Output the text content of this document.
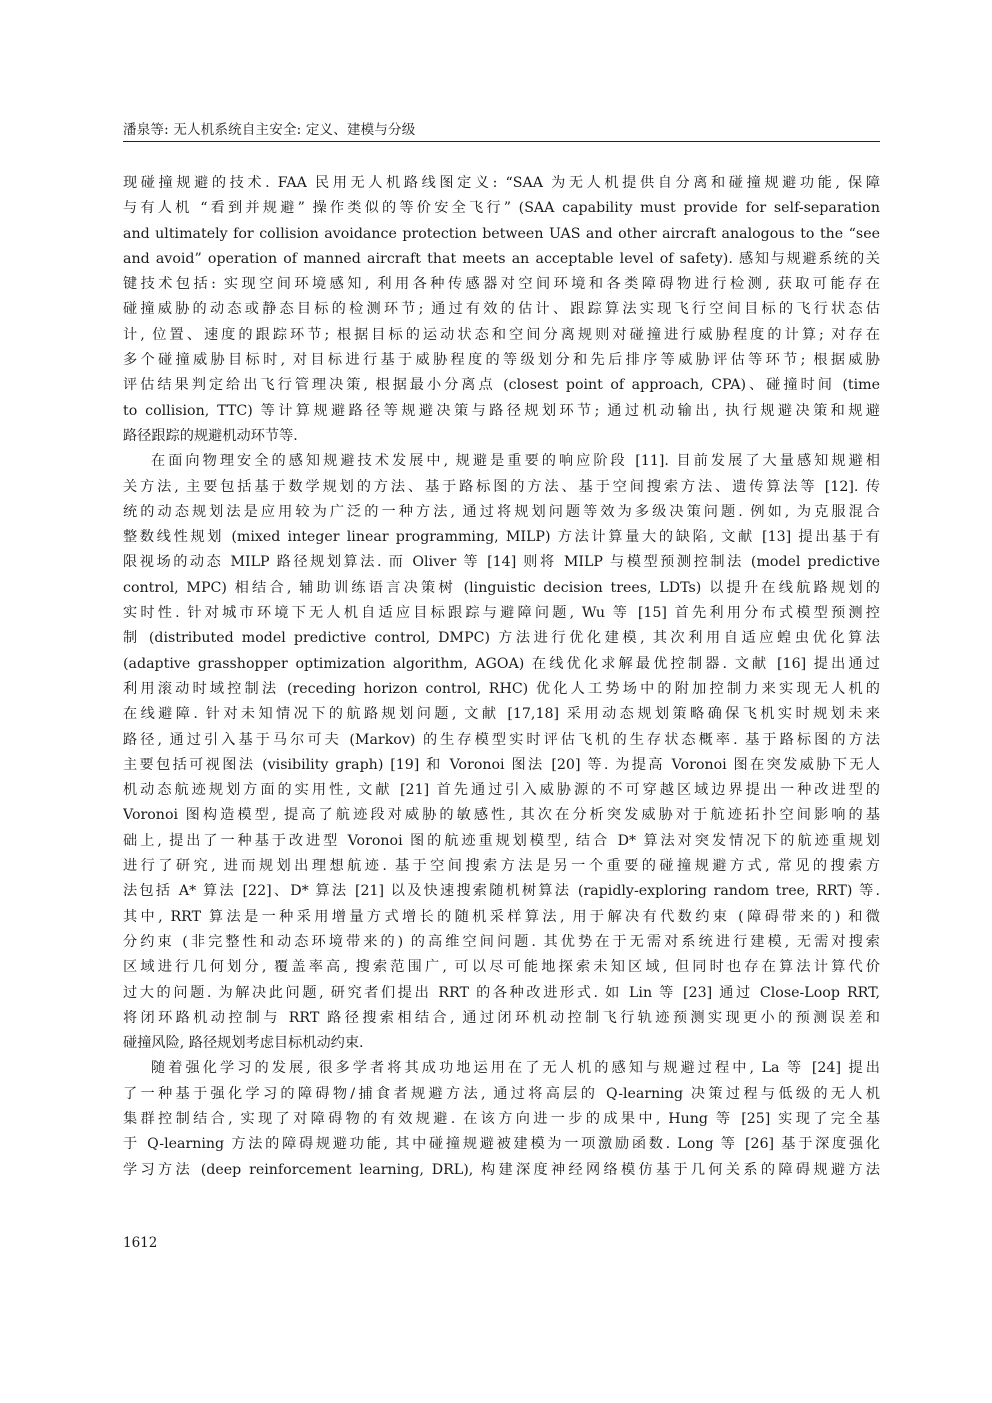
潘泉等: 无人机系统自主安全: 定义、建模与分级
现碰撞规避的技术. FAA 民用无人机路线图定义: “SAA 为无人机提供自分离和碰撞规避功能, 保障
与有人机 “看到并规避” 操作类似的等价安全飞行” (SAA capability must provide for self-separation
and ultimately for collision avoidance protection between UAS and other aircraft analogous to the “see
and avoid” operation of manned aircraft that meets an acceptable level of safety). 感知与规避系统的关
键技术包括: 实现空间环境感知, 利用各种传感器对空间环境和各类障碍物进行检测, 获取可能存在
碰撞威胁的动态或静态目标的检测环节; 通过有效的估计、跟踪算法实现飞行空间目标的飞行状态估
计, 位置、速度的跟踪环节; 根据目标的运动状态和空间分离规则对碰撞进行威胁程度的计算; 对存在
多个碰撞威胁目标时, 对目标进行基于威胁程度的等级划分和先后排序等威胁评估等环节; 根据威胁
评估结果判定给出飞行管理决策, 根据最小分离点 (closest point of approach, CPA)、碰撞时间 (time
to collision, TTC) 等计算规避路径等规避决策与路径规划环节; 通过机动输出, 执行规避决策和规避
路径跟踪的规避机动环节等.
在面向物理安全的感知规避技术发展中, 规避是重要的响应阶段 [11]. 目前发展了大量感知规避相
关方法, 主要包括基于数学规划的方法、基于路标图的方法、基于空间搜索方法、遗传算法等 [12]. 传
统的动态规划法是应用较为广泛的一种方法, 通过将规划问题等效为多级决策问题. 例如, 为克服混合
整数线性规划 (mixed integer linear programming, MILP) 方法计算量大的缺陷, 文献 [13] 提出基于有
限视场的动态 MILP 路径规划算法. 而 Oliver 等 [14] 则将 MILP 与模型预测控制法 (model predictive
control, MPC) 相结合, 辅助训练语言决策树 (linguistic decision trees, LDTs) 以提升在线航路规划的
实时性. 针对城市环境下无人机自适应目标跟踪与避障问题, Wu 等 [15] 首先利用分布式模型预测控
制 (distributed model predictive control, DMPC) 方法进行优化建模, 其次利用自适应蝗虫优化算法
(adaptive grasshopper optimization algorithm, AGOA) 在线优化求解最优控制器. 文献 [16] 提出通过
利用滚动时域控制法 (receding horizon control, RHC) 优化人工势场中的附加控制力来实现无人机的
在线避障. 针对未知情况下的航路规划问题, 文献 [17,18] 采用动态规划策略确保飞机实时规划未来
路径, 通过引入基于马尔可夫 (Markov) 的生存模型实时评估飞机的生存状态概率. 基于路标图的方法
主要包括可视图法 (visibility graph) [19] 和 Voronoi 图法 [20] 等. 为提高 Voronoi 图在突发威胁下无人
机动态航迹规划方面的实用性, 文献 [21] 首先通过引入威胁源的不可穿越区域边界提出一种改进型的
Voronoi 图构造模型, 提高了航迹段对威胁的敏感性, 其次在分析突发威胁对于航迹拓扑空间影响的基
础上, 提出了一种基于改进型 Voronoi 图的航迹重规划模型, 结合 D* 算法对突发情况下的航迹重规划
进行了研究, 进而规划出理想航迹. 基于空间搜索方法是另一个重要的碰撞规避方式, 常见的搜索方
法包括 A* 算法 [22]、D* 算法 [21] 以及快速搜索随机树算法 (rapidly-exploring random tree, RRT) 等.
其中, RRT 算法是一种采用增量方式增长的随机采样算法, 用于解决有代数约束 (障碍带来的) 和微
分约束 (非完整性和动态环境带来的) 的高维空间问题. 其优势在于无需对系统进行建模, 无需对搜索
区域进行几何划分, 覆盖率高, 搜索范围广, 可以尽可能地探索未知区域, 但同时也存在算法计算代价
过大的问题. 为解决此问题, 研究者们提出 RRT 的各种改进形式. 如 Lin 等 [23] 通过 Close-Loop RRT,
将闭环路机动控制与 RRT 路径搜索相结合, 通过闭环机动控制飞行轨迹预测实现更小的预测误差和
碰撞风险, 路径规划考虑目标机动约束.
随着强化学习的发展, 很多学者将其成功地运用在了无人机的感知与规避过程中, La 等 [24] 提出
了一种基于强化学习的障碍物/捕食者规避方法, 通过将高层的 Q-learning 决策过程与低级的无人机
集群控制结合, 实现了对障碍物的有效规避. 在该方向进一步的成果中, Hung 等 [25] 实现了完全基
于 Q-learning 方法的障碍规避功能, 其中碰撞规避被建模为一项激励函数. Long 等 [26] 基于深度强化
学习方法 (deep reinforcement learning, DRL), 构建深度神经网络模仿基于几何关系的障碍规避方法
1612
